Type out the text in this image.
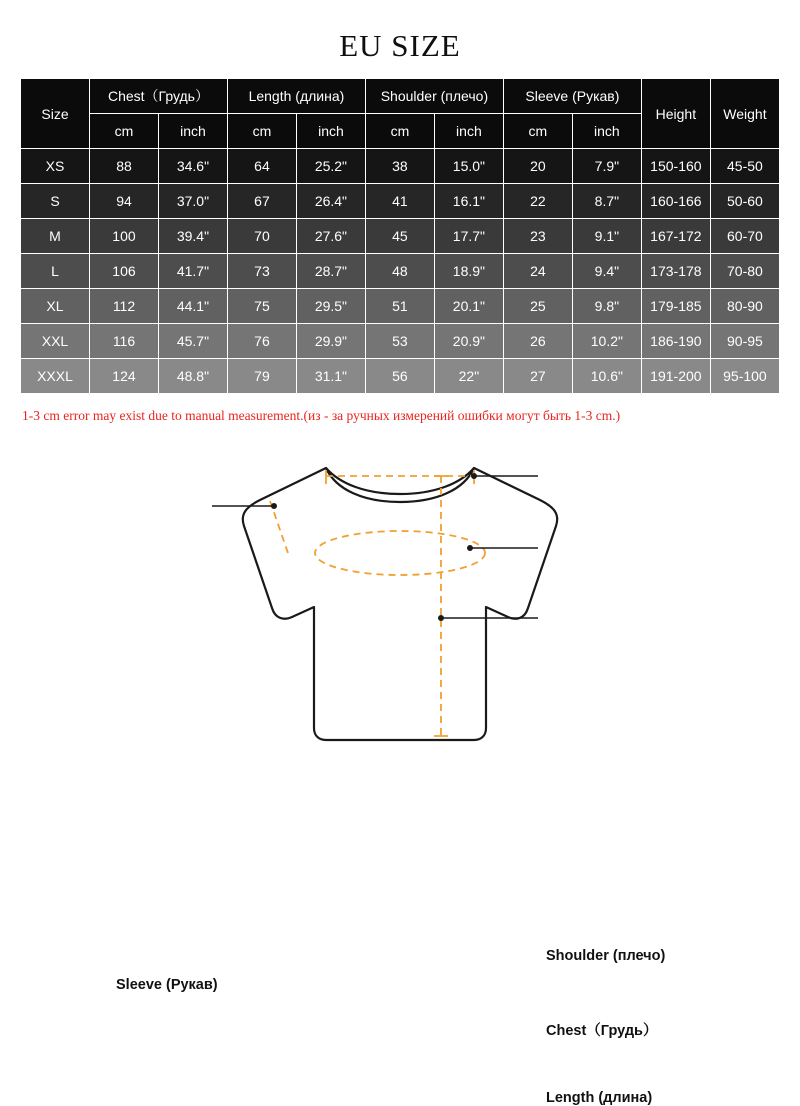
EU SIZE
Size	Chest（Грудь）		Length (длина)		Shoulder (плечо)		Sleeve (Рукав)		Height	Weight
	cm	inch	cm	inch	cm	inch	cm	inch		
XS	88	34.6"	64	25.2"	38	15.0"	20	7.9"	150-160	45-50
S	94	37.0"	67	26.4"	41	16.1"	22	8.7"	160-166	50-60
M	100	39.4"	70	27.6"	45	17.7"	23	9.1"	167-172	60-70
L	106	41.7"	73	28.7"	48	18.9"	24	9.4"	173-178	70-80
XL	112	44.1"	75	29.5"	51	20.1"	25	9.8"	179-185	80-90
XXL	116	45.7"	76	29.9"	53	20.9"	26	10.2"	186-190	90-95
XXXL	124	48.8"	79	31.1"	56	22"	27	10.6"	191-200	95-100
1-3 cm error may exist due to manual measurement.(из - за ручных измерений ошибки могут быть 1-3 cm.)
Shoulder (плечо)
Chest（Грудь）
Length (длина)
Sleeve (Рукав)
